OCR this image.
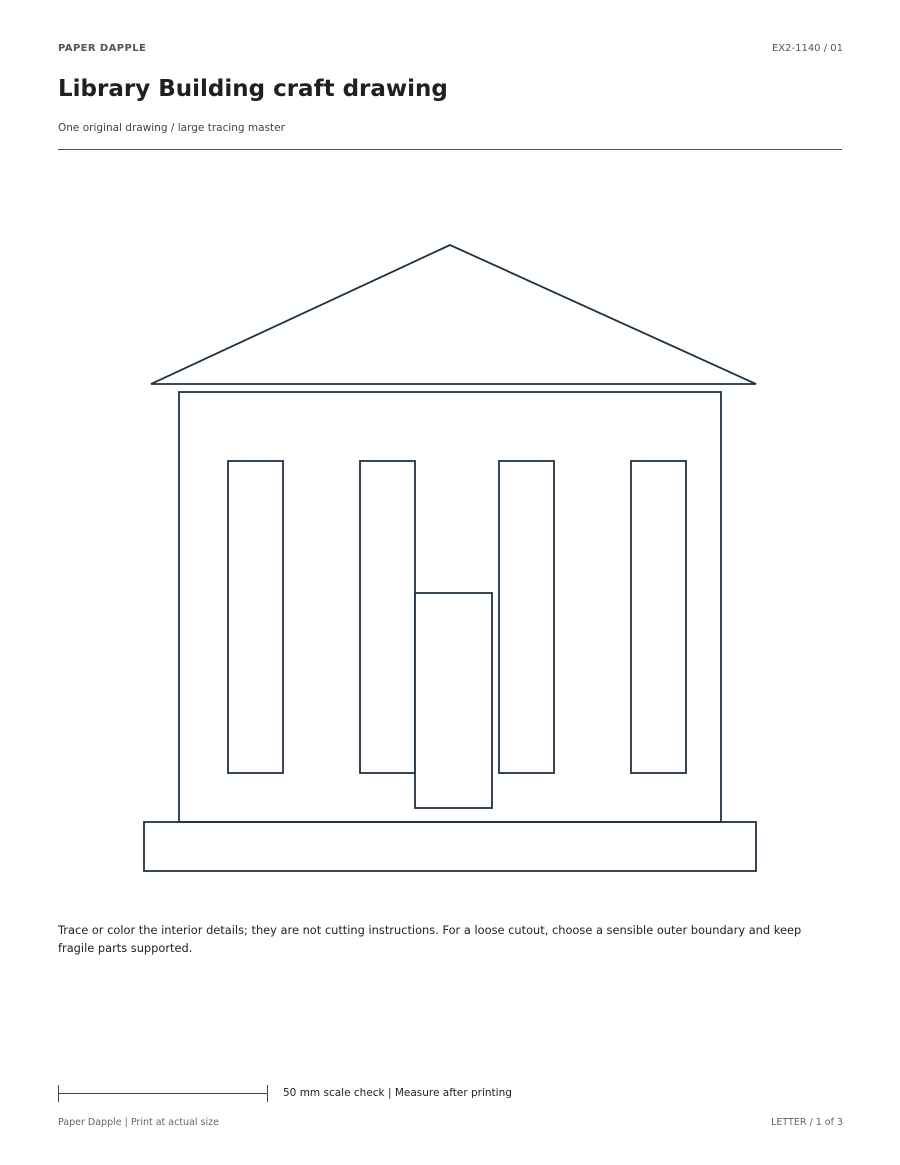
PAPER DAPPLE	EX2-1140 / 01
Library Building craft drawing
One original drawing / large tracing master
Trace or color the interior details; they are not cutting instructions. For a loose cutout, choose a sensible outer boundary and keep fragile parts supported.
50 mm scale check | Measure after printing
Paper Dapple | Print at actual size	LETTER / 1 of 3
